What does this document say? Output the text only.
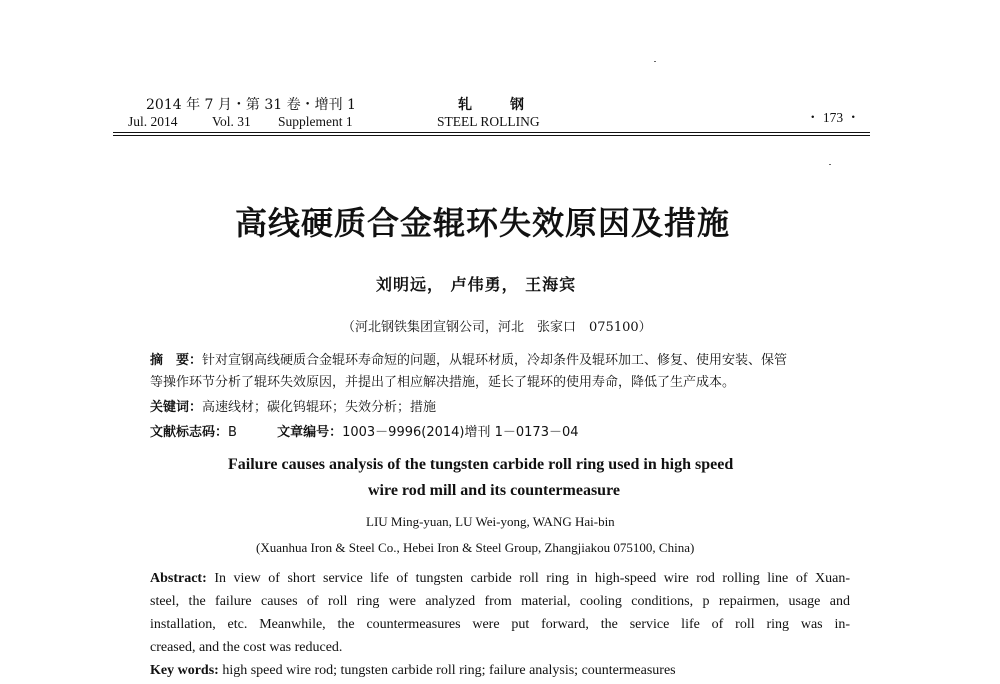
2014 年 7 月・第 31 卷・增刊 1
Jul. 2014	Vol. 31 Supplement 1
轧钢
STEEL ROLLING	・ 173 ・
高线硬质合金辊环失效原因及措施
刘明远， 卢伟勇， 王海宾
（河北钢铁集团宣钢公司，河北　张家口　075100）
摘　要：针对宣钢高线硬质合金辊环寿命短的问题，从辊环材质，冷却条件及辊环加工、修复、使用安装、保管
等操作环节分析了辊环失效原因，并提出了相应解决措施，延长了辊环的使用寿命，降低了生产成本。
关键词：高速线材；碳化钨辊环；失效分析；措施
文献标志码：B	文章编号：1003－9996(2014)增刊 1－0173－04
Failure causes analysis of the tungsten carbide roll ring used in high speed
wire rod mill and its countermeasure
LIU Ming-yuan, LU Wei-yong, WANG Hai-bin
(Xuanhua Iron & Steel Co., Hebei Iron & Steel Group, Zhangjiakou 075100, China)
Abstract: In view of short service life of tungsten carbide roll ring in high-speed wire rod rolling line of Xuan-
steel, the failure causes of roll ring were analyzed from material, cooling conditions, p repairmen, usage and
installation, etc. Meanwhile, the countermeasures were put forward, the service life of roll ring was in-
creased, and the cost was reduced.
Key words: high speed wire rod; tungsten carbide roll ring; failure analysis; countermeasures
